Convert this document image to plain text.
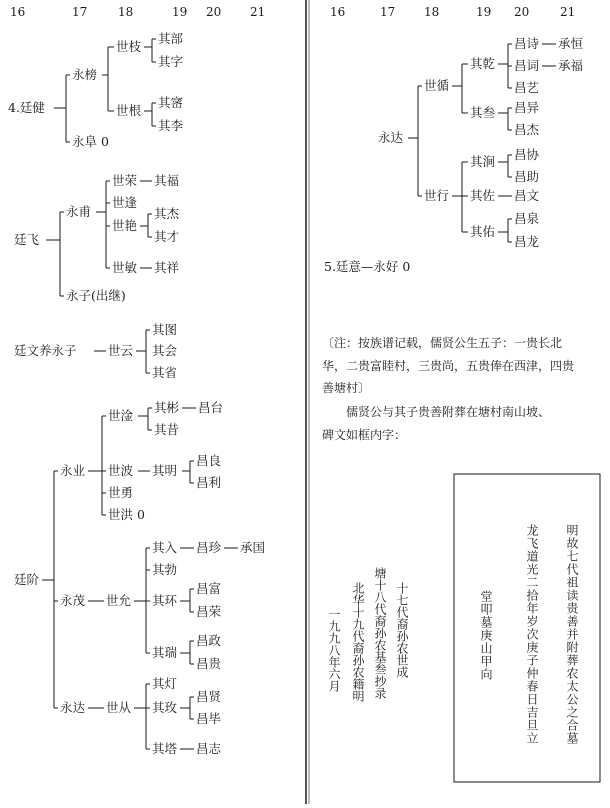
16	17	18	19 20 21	16	17 18	19 20	21
4.廷健
永榜
世枝
其部
其字
世根
其宻
其李
永阜 0
廷飞
永甫
世荣 其福
世逢
世艳
其杰
其才
世敏 其祥
永子(出继)
廷文养永子	世云
其图
其会
其省
廷阶
永业
世淦
其彬 昌台
其昔
世波 其明
昌良
昌利
世勇
世洪 0
永茂 世允
其入 昌珍 承国
其勃
其环
昌富
昌荣
其瑞
昌政
昌贵
永达 世从
其灯
其玫
昌贤
昌毕
其塔 昌志
永达
世循
其乾
昌诗 承恒
昌词 承福
昌艺
其叁 昌异
昌杰
世行
其涧 昌协
昌助
其佐 昌文
其佑
昌泉
昌龙
5.廷意—永好 0
〔注：按族谱记载，儒贤公生五子：一贵长北
华，二贵富睦村，三贵尚，五贵俸在西津，四贵
善塘村〕
儒贤公与其子贵善附葬在塘村南山坡、
碑文如框内字：
明故七代祖读贵善并附葬农太公之合墓
龙飞道光二拾年岁次庚子仲春日吉旦立
堂叩墓庚山甲向
十七代裔孙农世成
塘十八代裔孙农基叁抄录
北华十九代裔孙农籍明
一九九八年六月
